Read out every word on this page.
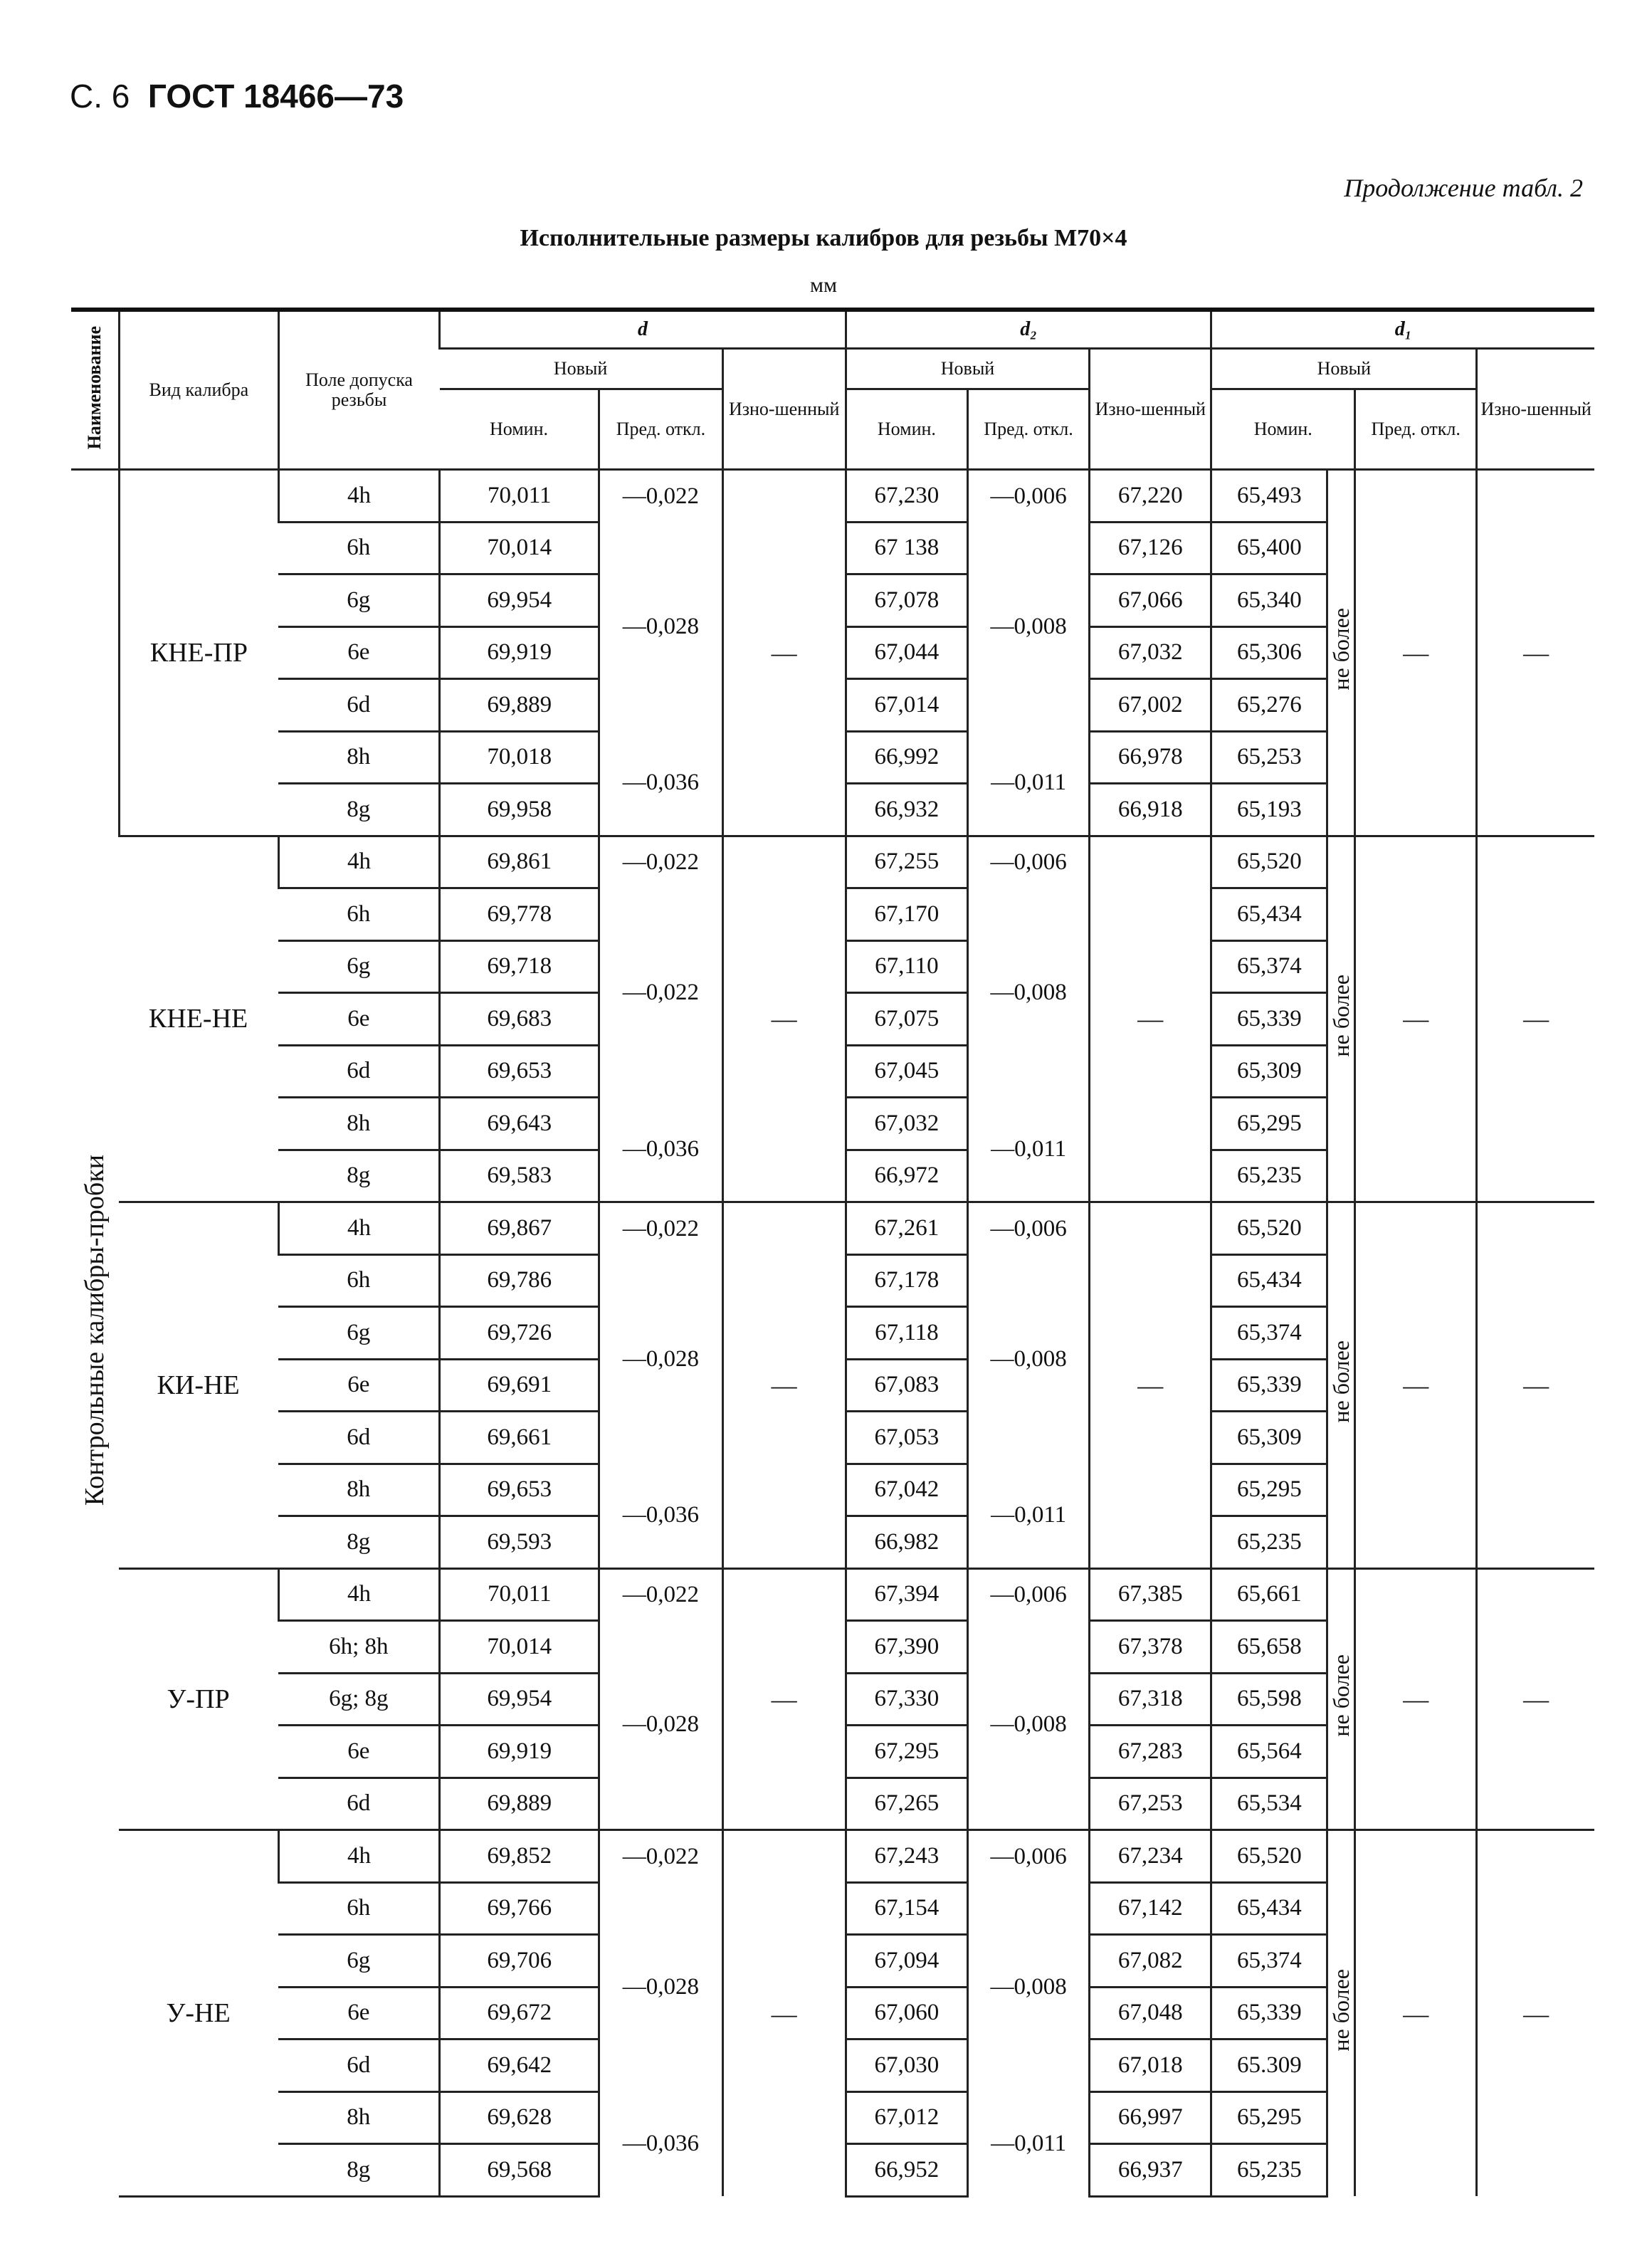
С. 6 ГОСТ 18466—73
Продолжение табл. 2
Исполнительные размеры калибров для резьбы M70×4
мм
Наименование	Вид калибра	Поле допуска резьбы	d			d₂			d₁			
			Новый		Изно-шенный	Новый		Изно-шенный	Новый			Изно-шенный
			Номин.	Пред. откл.		Номин.	Пред. откл.		Номин.		Пред. откл.	
Контрольные калибры-пробки	КНЕ-ПР	4h	70,011	—0,022	—	67,230	—0,006	67,220	65,493	не более	—	—
		6h	70,014	—0,028		67 138	—0,008	67,126	65,400			
		6g	69,954			67,078		67,066	65,340			
		6e	69,919			67,044		67,032	65,306			
		6d	69,889			67,014		67,002	65,276			
		8h	70,018	—0,036		66,992	—0,011	66,978	65,253			
		8g	69,958			66,932		66,918	65,193			
	КНЕ-НЕ	4h	69,861	—0,022	—	67,255	—0,006	—	65,520	не более	—	—
		6h	69,778	—0,022		67,170	—0,008		65,434			
		6g	69,718			67,110			65,374			
		6e	69,683			67,075			65,339			
		6d	69,653			67,045			65,309			
		8h	69,643	—0,036		67,032	—0,011		65,295			
		8g	69,583			66,972			65,235			
	КИ-НЕ	4h	69,867	—0,022	—	67,261	—0,006	—	65,520	не более	—	—
		6h	69,786	—0,028		67,178	—0,008		65,434			
		6g	69,726			67,118			65,374			
		6e	69,691			67,083			65,339			
		6d	69,661			67,053			65,309			
		8h	69,653	—0,036		67,042	—0,011		65,295			
		8g	69,593			66,982			65,235			
	У-ПР	4h	70,011	—0,022	—	67,394	—0,006	67,385	65,661	не более	—	—
		6h; 8h	70,014	—0,028		67,390	—0,008	67,378	65,658			
		6g; 8g	69,954			67,330		67,318	65,598			
		6e	69,919			67,295		67,283	65,564			
		6d	69,889			67,265		67,253	65,534			
	У-НЕ	4h	69,852	—0,022	—	67,243	—0,006	67,234	65,520	не более	—	—
		6h	69,766	—0,028		67,154	—0,008	67,142	65,434			
		6g	69,706			67,094		67,082	65,374			
		6e	69,672			67,060		67,048	65,339			
		6d	69,642			67,030		67,018	65.309			
		8h	69,628	—0,036		67,012	—0,011	66,997	65,295			
		8g	69,568			66,952		66,937	65,235			
